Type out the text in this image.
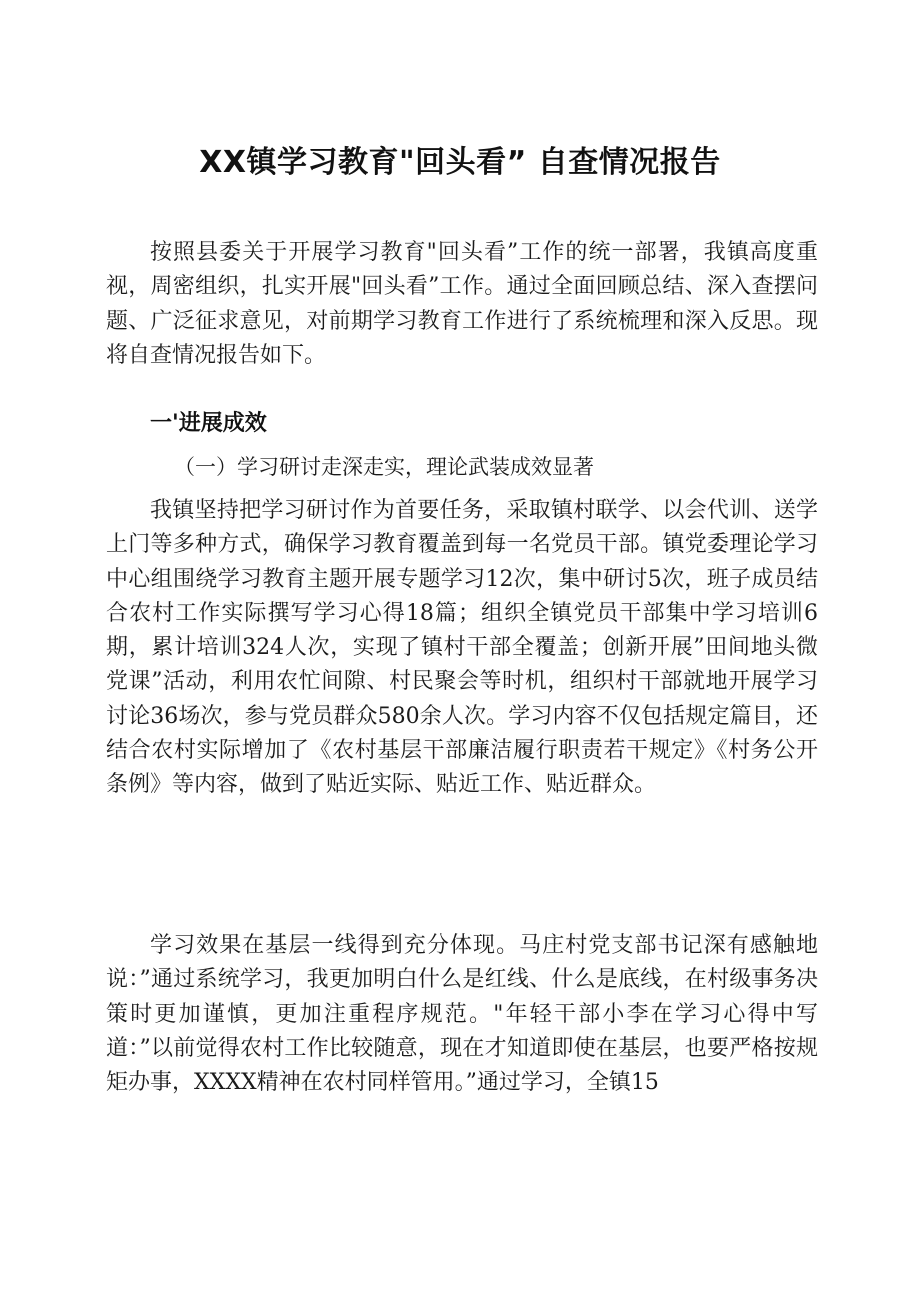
XX镇学习教育"回头看” 自查情况报告

按照县委关于开展学习教育"回头看”工作的统一部署，我镇高度重视，周密组织，扎实开展"回头看”工作。通过全面回顾总结、深入查摆问题、广泛征求意见，对前期学习教育工作进行了系统梳理和深入反思。现将自查情况报告如下。

一'进展成效
（一）学习研讨走深走实，理论武装成效显著

我镇坚持把学习研讨作为首要任务，采取镇村联学、以会代训、送学上门等多种方式，确保学习教育覆盖到每一名党员干部。镇党委理论学习中心组围绕学习教育主题开展专题学习12次，集中研讨5次，班子成员结合农村工作实际撰写学习心得18篇；组织全镇党员干部集中学习培训6期，累计培训324人次，实现了镇村干部全覆盖；创新开展”田间地头微党课”活动，利用农忙间隙、村民聚会等时机，组织村干部就地开展学习讨论36场次，参与党员群众580余人次。学习内容不仅包括规定篇目，还结合农村实际增加了《农村基层干部廉洁履行职责若干规定》《村务公开条例》等内容，做到了贴近实际、贴近工作、贴近群众。

学习效果在基层一线得到充分体现。马庄村党支部书记深有感触地说：”通过系统学习，我更加明白什么是红线、什么是底线，在村级事务决策时更加谨慎，更加注重程序规范。"年轻干部小李在学习心得中写道：”以前觉得农村工作比较随意，现在才知道即使在基层，也要严格按规矩办事，XXXX精神在农村同样管用。”通过学习，全镇15
